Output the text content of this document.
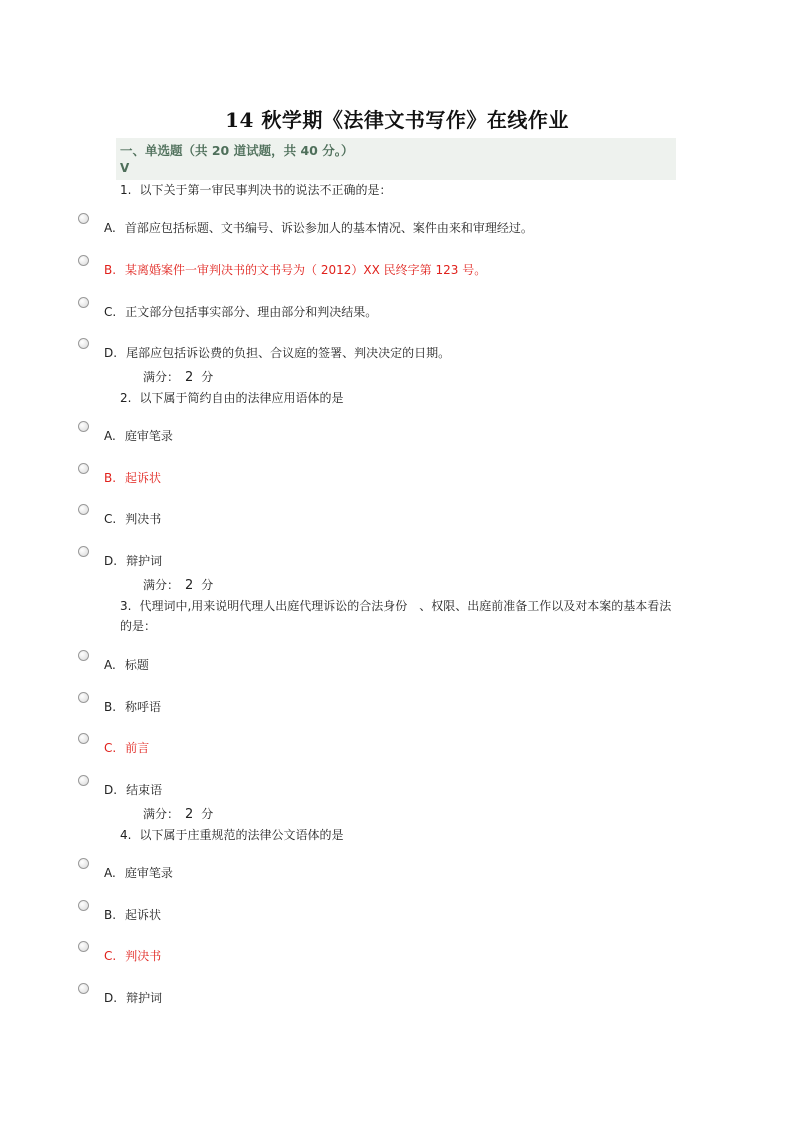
14 秋学期《法律文书写作》在线作业
一、单选题（共 20 道试题，共 40 分。）
V
1. 以下关于第一审民事判决书的说法不正确的是：
A. 首部应包括标题、文书编号、诉讼参加人的基本情况、案件由来和审理经过。
B. 某离婚案件一审判决书的文书号为（ 2012）XX 民终字第 123 号。
C. 正文部分包括事实部分、理由部分和判决结果。
D. 尾部应包括诉讼费的负担、合议庭的签署、判决决定的日期。
满分： 2 分
2. 以下属于简约自由的法律应用语体的是
A. 庭审笔录
B. 起诉状
C. 判决书
D. 辩护词
满分： 2 分
3. 代理词中,用来说明代理人出庭代理诉讼的合法身份　、权限、出庭前准备工作以及对本案的基本看法的是：
A. 标题
B. 称呼语
C. 前言
D. 结束语
满分： 2 分
4. 以下属于庄重规范的法律公文语体的是
A. 庭审笔录
B. 起诉状
C. 判决书
D. 辩护词
